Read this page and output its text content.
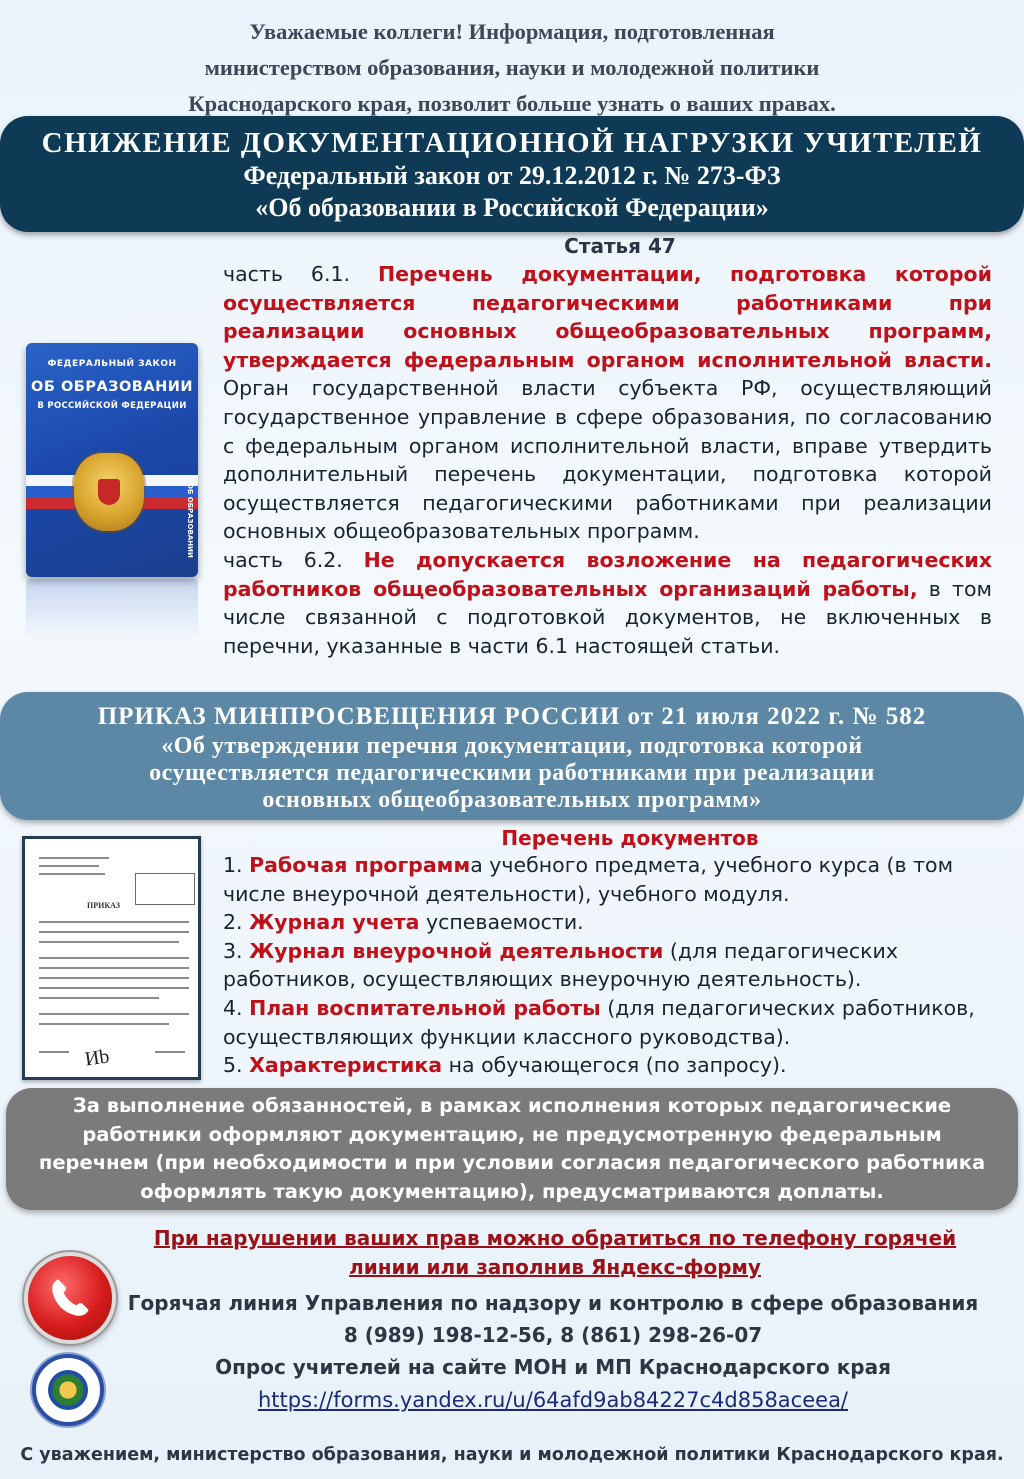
Уважаемые коллеги! Информация, подготовленная
министерством образования, науки и молодежной политики
Краснодарского края, позволит больше узнать о ваших правах.
СНИЖЕНИЕ ДОКУМЕНТАЦИОННОЙ НАГРУЗКИ УЧИТЕЛЕЙ
Федеральный закон от 29.12.2012 г. № 273-ФЗ
«Об образовании в Российской Федерации»
Статья 47
ФЕДЕРАЛЬНЫЙ ЗАКОН
ОБ ОБРАЗОВАНИИ
В РОССИЙСКОЙ ФЕДЕРАЦИИ
ОБ ОБРАЗОВАНИИ

часть 6.1. Перечень документации, подготовка которой осуществляется педагогическими работниками при реализации основных общеобразовательных программ, утверждается федеральным органом исполнительной власти. Орган государственной власти субъекта РФ, осуществляющий государственное управление в сфере образования, по согласованию с федеральным органом исполнительной власти, вправе утвердить дополнительный перечень документации, подготовка которой осуществляется педагогическими работниками при реализации основных общеобразовательных программ.

часть 6.2. Не допускается возложение на педагогических работников общеобразовательных организаций работы, в том числе связанной с подготовкой документов, не включенных в перечни, указанные в части 6.1 настоящей статьи.

ПРИКАЗ МИНПРОСВЕЩЕНИЯ РОССИИ от 21 июля 2022 г. № 582
«Об утверждении перечня документации, подготовка которой
осуществляется педагогическими работниками при реализации
основных общеобразовательных программ»
ПРИКАЗ
Иb
Перечень документов
1. Рабочая программа учебного предмета, учебного курса (в том числе внеурочной деятельности), учебного модуля.
2. Журнал учета успеваемости.
3. Журнал внеурочной деятельности (для педагогических работников, осуществляющих внеурочную деятельность).
4. План воспитательной работы (для педагогических работников, осуществляющих функции классного руководства).
5. Характеристика на обучающегося (по запросу).
За выполнение обязанностей, в рамках исполнения которых педагогические
работники оформляют документацию, не предусмотренную федеральным
перечнем (при необходимости и при условии согласия педагогического работника
оформлять такую документацию), предусматриваются доплаты.
При нарушении ваших прав можно обратиться по телефону горячей
линии или заполнив Яндекс-форму
Горячая линия Управления по надзору и контролю в сфере образования
8 (989) 198-12-56, 8 (861) 298-26-07
Опрос учителей на сайте МОН и МП Краснодарского края
https://forms.yandex.ru/u/64afd9ab84227c4d858aceea/
С уважением, министерство образования, науки и молодежной политики Краснодарского края.
